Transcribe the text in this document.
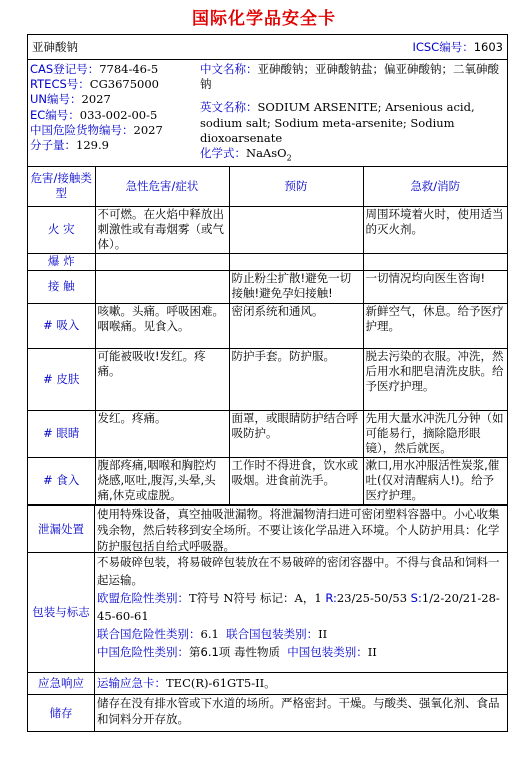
国际化学品安全卡
亚砷酸钠	ICSC编号：1603
CAS登记号：7784-46-5
RTECS号：CG3675000
UN编号：2027
EC编号：033-002-00-5
中国危险货物编号：2027
分子量：129.9
中文名称：亚砷酸钠；亚砷酸钠盐；偏亚砷酸钠；二氧砷酸钠
英文名称：SODIUM ARSENITE; Arsenious acid, sodium salt; Sodium meta-arsenite; Sodium dioxoarsenate
化学式：NaAsO$_2$
危害/接触类型	急性危害/症状	预防	急救/消防
火 灾	不可燃。在火焰中释放出刺激性或有毒烟雾（或气体）。		周围环境着火时，使用适当的灭火剂。
爆 炸			
接 触		防止粉尘扩散!避免一切接触!避免孕妇接触!	一切情况均向医生咨询!
# 吸入	咳嗽。头痛。呼吸困难。咽喉痛。见食入。	密闭系统和通风。	新鲜空气，休息。给予医疗护理。
# 皮肤	可能被吸收!发红。疼痛。	防护手套。防护服。	脱去污染的衣服。冲洗，然后用水和肥皂清洗皮肤。给予医疗护理。
# 眼睛	发红。疼痛。	面罩，或眼睛防护结合呼吸防护。	先用大量水冲洗几分钟（如可能易行，摘除隐形眼镜），然后就医。
# 食入	腹部疼痛,咽喉和胸腔灼烧感,呕吐,腹泻,头晕,头痛,休克或虚脱。	工作时不得进食，饮水或吸烟。进食前洗手。	漱口,用水冲服活性炭浆,催吐(仅对清醒病人!)。给予医疗护理。
泄漏处置
使用特殊设备，真空抽吸泄漏物。将泄漏物清扫进可密闭塑料容器中。小心收集残余物，然后转移到安全场所。不要让该化学品进入环境。个人防护用具：化学防护服包括自给式呼吸器。
包装与标志
不易破碎包装，将易破碎包装放在不易破碎的密闭容器中。不得与食品和饲料一起运输。
欧盟危险性类别：T符号 N符号 标记：A，1 R:23/25-50/53 S:1/2-20/21-28-45-60-61
联合国危险性类别：6.1 联合国包装类别：II
中国危险性类别：第6.1项 毒性物质 中国包装类别：II
应急响应	运输应急卡：TEC(R)-61GT5-II。
储存
储存在没有排水管或下水道的场所。严格密封。干燥。与酸类、强氧化剂、食品和饲料分开存放。
